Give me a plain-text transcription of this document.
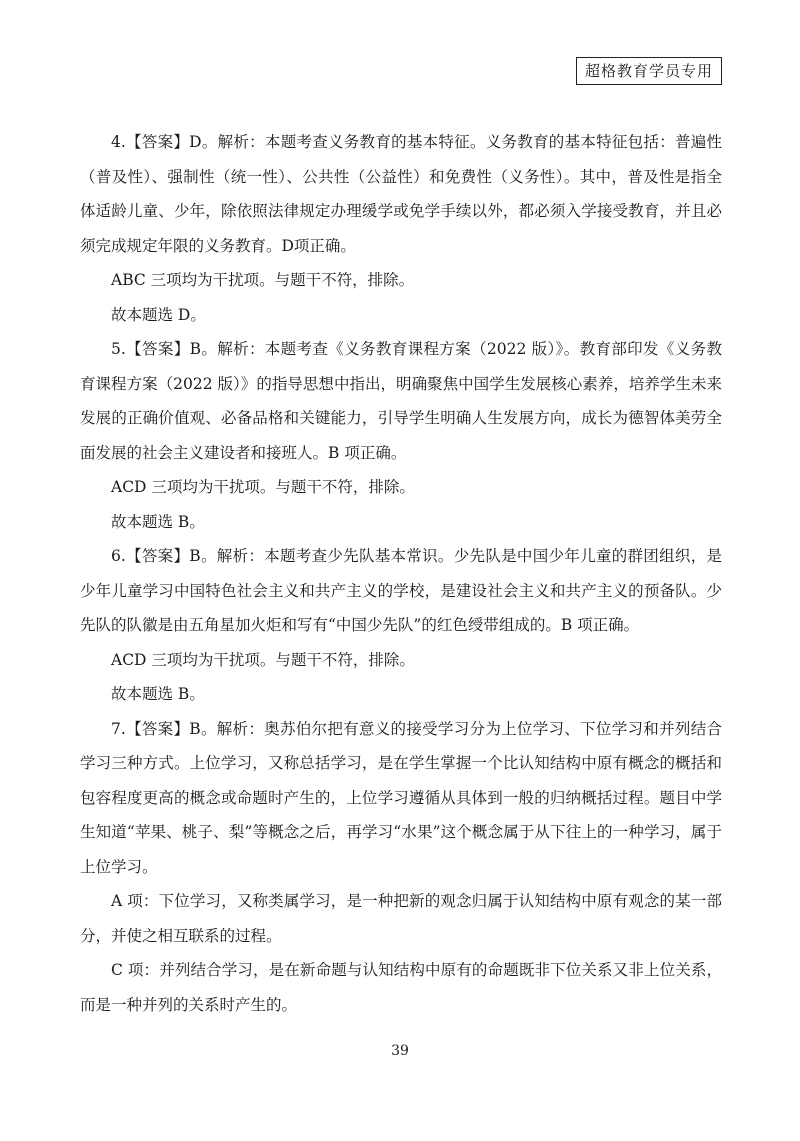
超格教育学员专用

4.【答案】D。解析：本题考查义务教育的基本特征。义务教育的基本特征包括：普遍性（普及性）、强制性（统一性）、公共性（公益性）和免费性（义务性）。其中，普及性是指全体适龄儿童、少年，除依照法律规定办理缓学或免学手续以外，都必须入学接受教育，并且必须完成规定年限的义务教育。D项正确。

ABC 三项均为干扰项。与题干不符，排除。

故本题选 D。

5.【答案】B。解析：本题考查《义务教育课程方案（2022 版）》。教育部印发《义务教育课程方案（2022 版）》的指导思想中指出，明确聚焦中国学生发展核心素养，培养学生未来发展的正确价值观、必备品格和关键能力，引导学生明确人生发展方向，成长为德智体美劳全面发展的社会主义建设者和接班人。B 项正确。

ACD 三项均为干扰项。与题干不符，排除。

故本题选 B。

6.【答案】B。解析：本题考查少先队基本常识。少先队是中国少年儿童的群团组织，是少年儿童学习中国特色社会主义和共产主义的学校，是建设社会主义和共产主义的预备队。少先队的队徽是由五角星加火炬和写有“中国少先队”的红色绶带组成的。B 项正确。

ACD 三项均为干扰项。与题干不符，排除。

故本题选 B。

7.【答案】B。解析：奥苏伯尔把有意义的接受学习分为上位学习、下位学习和并列结合学习三种方式。上位学习，又称总括学习，是在学生掌握一个比认知结构中原有概念的概括和包容程度更高的概念或命题时产生的，上位学习遵循从具体到一般的归纳概括过程。题目中学生知道“苹果、桃子、梨”等概念之后，再学习“水果”这个概念属于从下往上的一种学习，属于上位学习。

A 项：下位学习，又称类属学习，是一种把新的观念归属于认知结构中原有观念的某一部分，并使之相互联系的过程。

C 项：并列结合学习，是在新命题与认知结构中原有的命题既非下位关系又非上位关系，而是一种并列的关系时产生的。

39
